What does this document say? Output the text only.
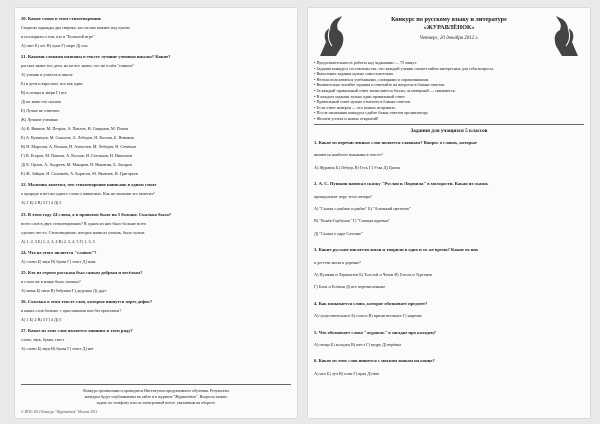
20. Какие стихи в этом стихотворении:
Спорили однажды два сверчка, кто из них важнее под луною
и поспорили о том, кто в "Большой игре"
А) свет Б) лес В) луна Г) море Д) сон
21. Какими словами названы в тексте лучшие ученики школы? Какие?
рассказ знают все дети, но не все знают, что же в нём "главное"
А) ученик и учитель в школе
Б) и дети и взрослые, все как один
В) и птицы и звери Г) все
Д) не знаю что сказать
Е) Лучше не отвечать
Ж) Лучшие ученики:
А) К. Иванов, М. Петров, А. Павлов, Н. Смирнов, М. Попов
Б) А. Кузнецов, М. Соколов, А. Лебедев, Н. Козлов, Б. Новиков
В) И. Морозов, А. Волков, Н. Алексеев, М. Лебедев, Н. Семёнов
Г) В. Егоров, М. Павлов, А. Козлов, И. Степанов, Н. Николаев
Д) Е. Орлов, А. Андреев, М. Макаров, Н. Никитин, Б. Захаров
Е) Ж. Зайцев, Н. Соловьёв, А. Борисов, М. Яковлев, Н. Григорьев
22. Мальчик заметил, что стихотворение написано в одном стиле
о природе и нет ни одного слова о животных. Как же мальчик это заметил?
А) 1 Б) 2 В) 3 Г) 4 Д) 5
23. В этом году 24 слова, а в прошлом было на 5 больше. Сколько было?
всего слов в двух стихотворениях? В одном из них было больше всего
сделать что-то. Стихотворение, которое написал ученик, было лучше.
А) 1, 2, 3 Б) 1, 2, 3, 4 В) 2, 3, 4, 5 Г) 1, 3, 5
24. Что из этого является "словом"?
А) слово Б) звук В) буква Г) текст Д) знак
25. Кто из героев рассказа был самым добрым и весёлым?
и о ком же в конце было сказано?
А) мама Б) папа В) бабушка Г) дедушка Д) друг
26. Сколько в этом тексте слов, которые пишутся через дефис?
и каких слов больше: с приставками или без приставок?
А) 1 Б) 2 В) 3 Г) 4 Д) 5
27. Какое из этих слов является лишним в этом ряду?
слово, звук, буква, текст
А) слово Б) звук В) буква Г) текст Д) нет
Конкурс организован и проводится Институтом продуктивного обучения. Результаты
конкурса будут опубликованы на сайте и в журнале "Журавлёнок". Вопросы можно
задать по телефону или по электронной почте, указанным на обороте.
© ИПО 2012 Конкурс "Журавлёнок" Москва 2012
Конкурс по русскому языку и литературе
«ЖУРАВЛЁНОК»
Четверг, 20 декабря 2012 г.
• Продолжительность работы над заданиями — 75 минут.
• Задания конкурса составлены так, что каждый ученик сможет найти интересные для себя вопросы.
• Выполнять задания нужно самостоятельно.
• Нельзя пользоваться учебниками, словарями и справочниками.
• Внимательно читайте задания и отвечайте на вопросы в бланке ответов.
• За каждый правильный ответ начисляются баллы, за неверный — снимаются.
• В каждом задании только один правильный ответ.
• Правильный ответ нужно отметить в бланке ответов.
• Если ответ неверен — его можно исправить.
• После окончания конкурса сдайте бланк ответов организатору.
• Желаем успеха и новых открытий!
Задания для учащихся 5 классов
1. Какое из перечисленных слов является главным? Вопрос о словах, которые
являются наиболее важными в тексте?
А) Журавль Б) Лебедь В) Гусь Г) Утка Д) Цапля
2. А. С. Пушкин написал сказку "Руслан и Людмила" в молодости. Какая из сказок
принадлежит перу этого автора?
А) "Сказка о рыбаке и рыбке" Б) "Аленький цветочек"
В) "Конёк-Горбунок" Г) "Спящая царевна"
Д) "Сказка о царе Салтане"
3. Какие русские писатели жили и творили в одно и то же время? Какие из них
в детстве жили в деревне?
А) Пушкин и Лермонтов Б) Толстой и Чехов В) Гоголь и Тургенев
Г) Блок и Есенин Д) все перечисленные
4. Как называется слово, которое обозначает предмет?
А) существительное Б) глагол В) прилагательное Г) наречие
5. Что обозначает слово "журавль" в загадке про колодец?
А) птица Б) колодец В) шест Г) ведро Д) верёвка
6. Какое из этих слов пишется с мягким знаком на конце?
А) ноч Б) луч В) плач Г) врач Д) мяч
